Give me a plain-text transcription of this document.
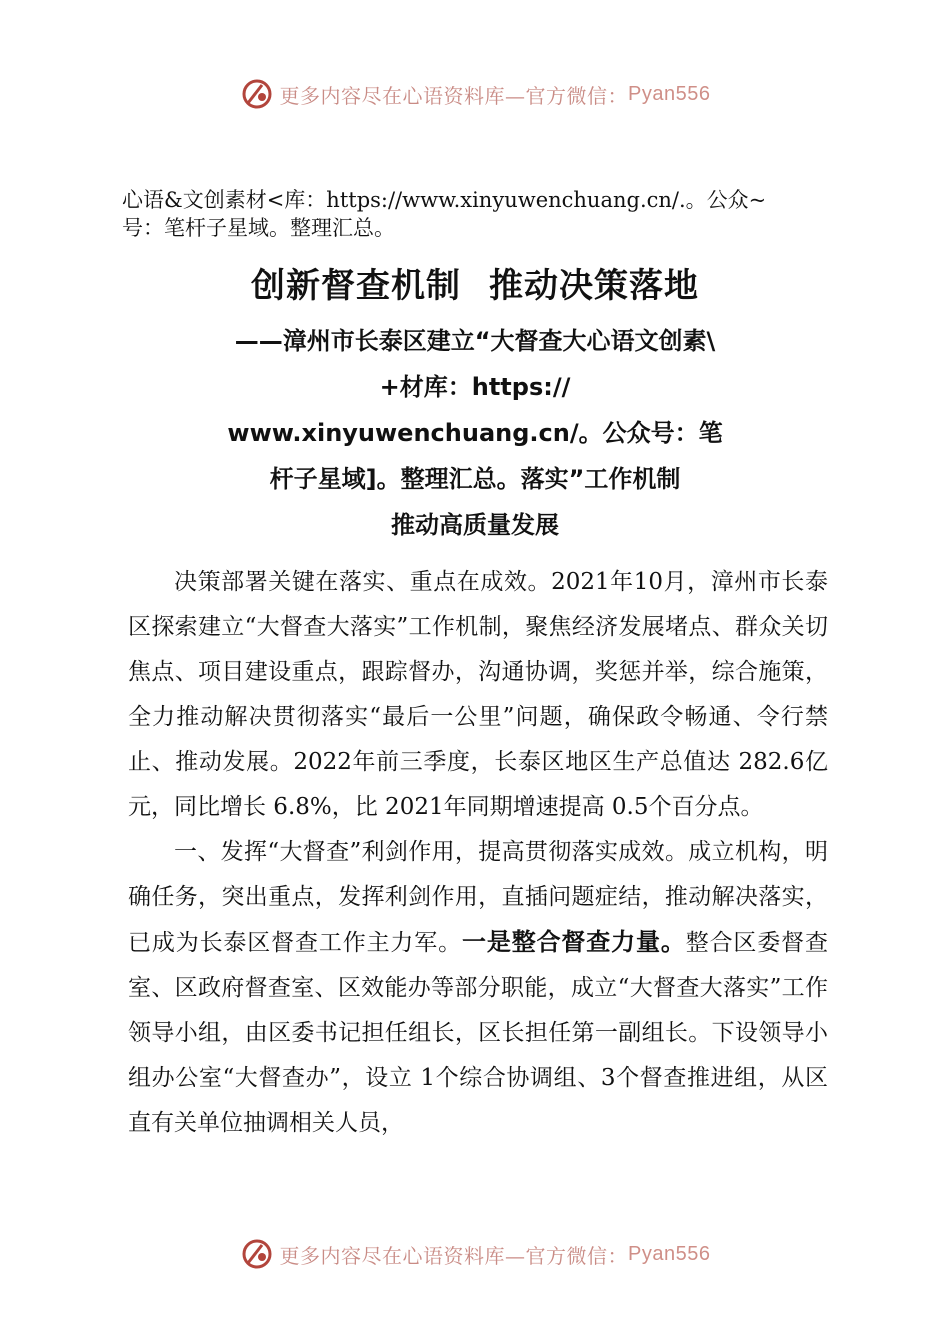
更多内容尽在心语资料库—官方微信： Pyan556
心语&文创素材<库：https://www.xinyuwenchuang.cn/.。公众~
号：笔杆子星域。整理汇总。
创新督查机制 推动决策落地
——漳州市长泰区建立“大督查大心语文创素\
+材库：https://
www.xinyuwenchuang.cn/。公众号：笔
杆子星域]。整理汇总。落实”工作机制
推动高质量发展

决策部署关键在落实、重点在成效。2021年10月，漳州市长泰区探索建立“大督查大落实”工作机制，聚焦经济发展堵点、群众关切焦点、项目建设重点，跟踪督办，沟通协调，奖惩并举，综合施策，全力推动解决贯彻落实“最后一公里”问题，确保政令畅通、令行禁止、推动发展。2022年前三季度，长泰区地区生产总值达 282.6亿元，同比增长 6.8%，比 2021年同期增速提高 0.5个百分点。

一、发挥“大督查”利剑作用，提高贯彻落实成效。成立机构，明确任务，突出重点，发挥利剑作用，直插问题症结，推动解决落实，已成为长泰区督查工作主力军。一是整合督查力量。整合区委督查室、区政府督查室、区效能办等部分职能，成立“大督查大落实”工作领导小组，由区委书记担任组长，区长担任第一副组长。下设领导小组办公室“大督查办”，设立 1个综合协调组、3个督查推进组，从区直有关单位抽调相关人员，

更多内容尽在心语资料库—官方微信： Pyan556
